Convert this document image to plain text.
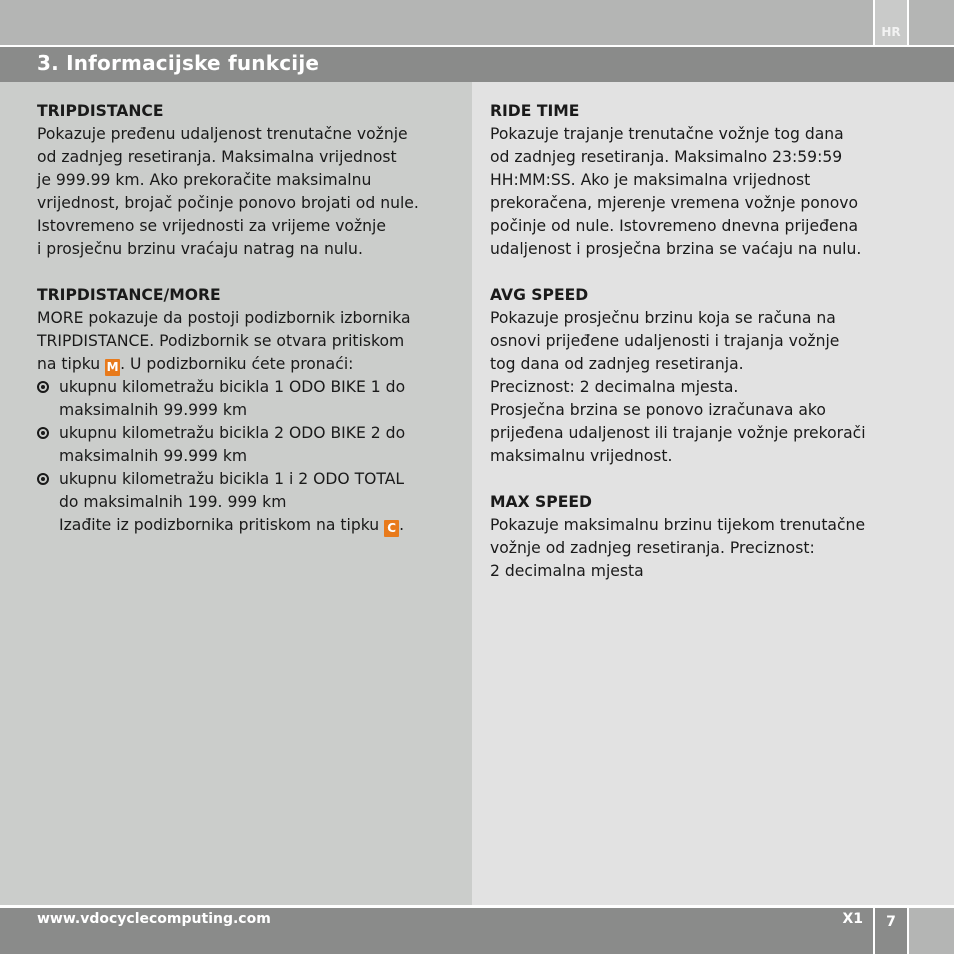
HR
3. Informacijske funkcije

TRIPDISTANCE

Pokazuje pređenu udaljenost trenutačne vožnje

od zadnjeg resetiranja. Maksimalna vrijednost

je 999.99 km. Ako prekoračite maksimalnu

vrijednost, brojač počinje ponovo brojati od nule.

Istovremeno se vrijednosti za vrijeme vožnje

i prosječnu brzinu vraćaju natrag na nulu.

TRIPDISTANCE/MORE

MORE pokazuje da postoji podizbornik izbornika

TRIPDISTANCE. Podizbornik se otvara pritiskom

na tipku M. U podizborniku ćete pronaći:

ukupnu kilometražu bicikla 1 ODO BIKE 1 do

maksimalnih 99.999 km

ukupnu kilometražu bicikla 2 ODO BIKE 2 do

maksimalnih 99.999 km

ukupnu kilometražu bicikla 1 i 2 ODO TOTAL

do maksimalnih 199. 999 km

Izađite iz podizbornika pritiskom na tipku C .

RIDE TIME

Pokazuje trajanje trenutačne vožnje tog dana

od zadnjeg resetiranja. Maksimalno 23:59:59

HH:MM:SS. Ako je maksimalna vrijednost

prekoračena, mjerenje vremena vožnje ponovo

počinje od nule. Istovremeno dnevna prijeđena

udaljenost i prosječna brzina se vaćaju na nulu.

AVG SPEED

Pokazuje prosječnu brzinu koja se računa na

osnovi prijeđene udaljenosti i trajanja vožnje

tog dana od zadnjeg resetiranja.

Preciznost: 2 decimalna mjesta.

Prosječna brzina se ponovo izračunava ako

prijeđena udaljenost ili trajanje vožnje prekorači

maksimalnu vrijednost.

MAX SPEED

Pokazuje maksimalnu brzinu tijekom trenutačne

vožnje od zadnjeg resetiranja. Preciznost:

2 decimalna mjesta

www.vdocyclecomputing.com	X1	7
